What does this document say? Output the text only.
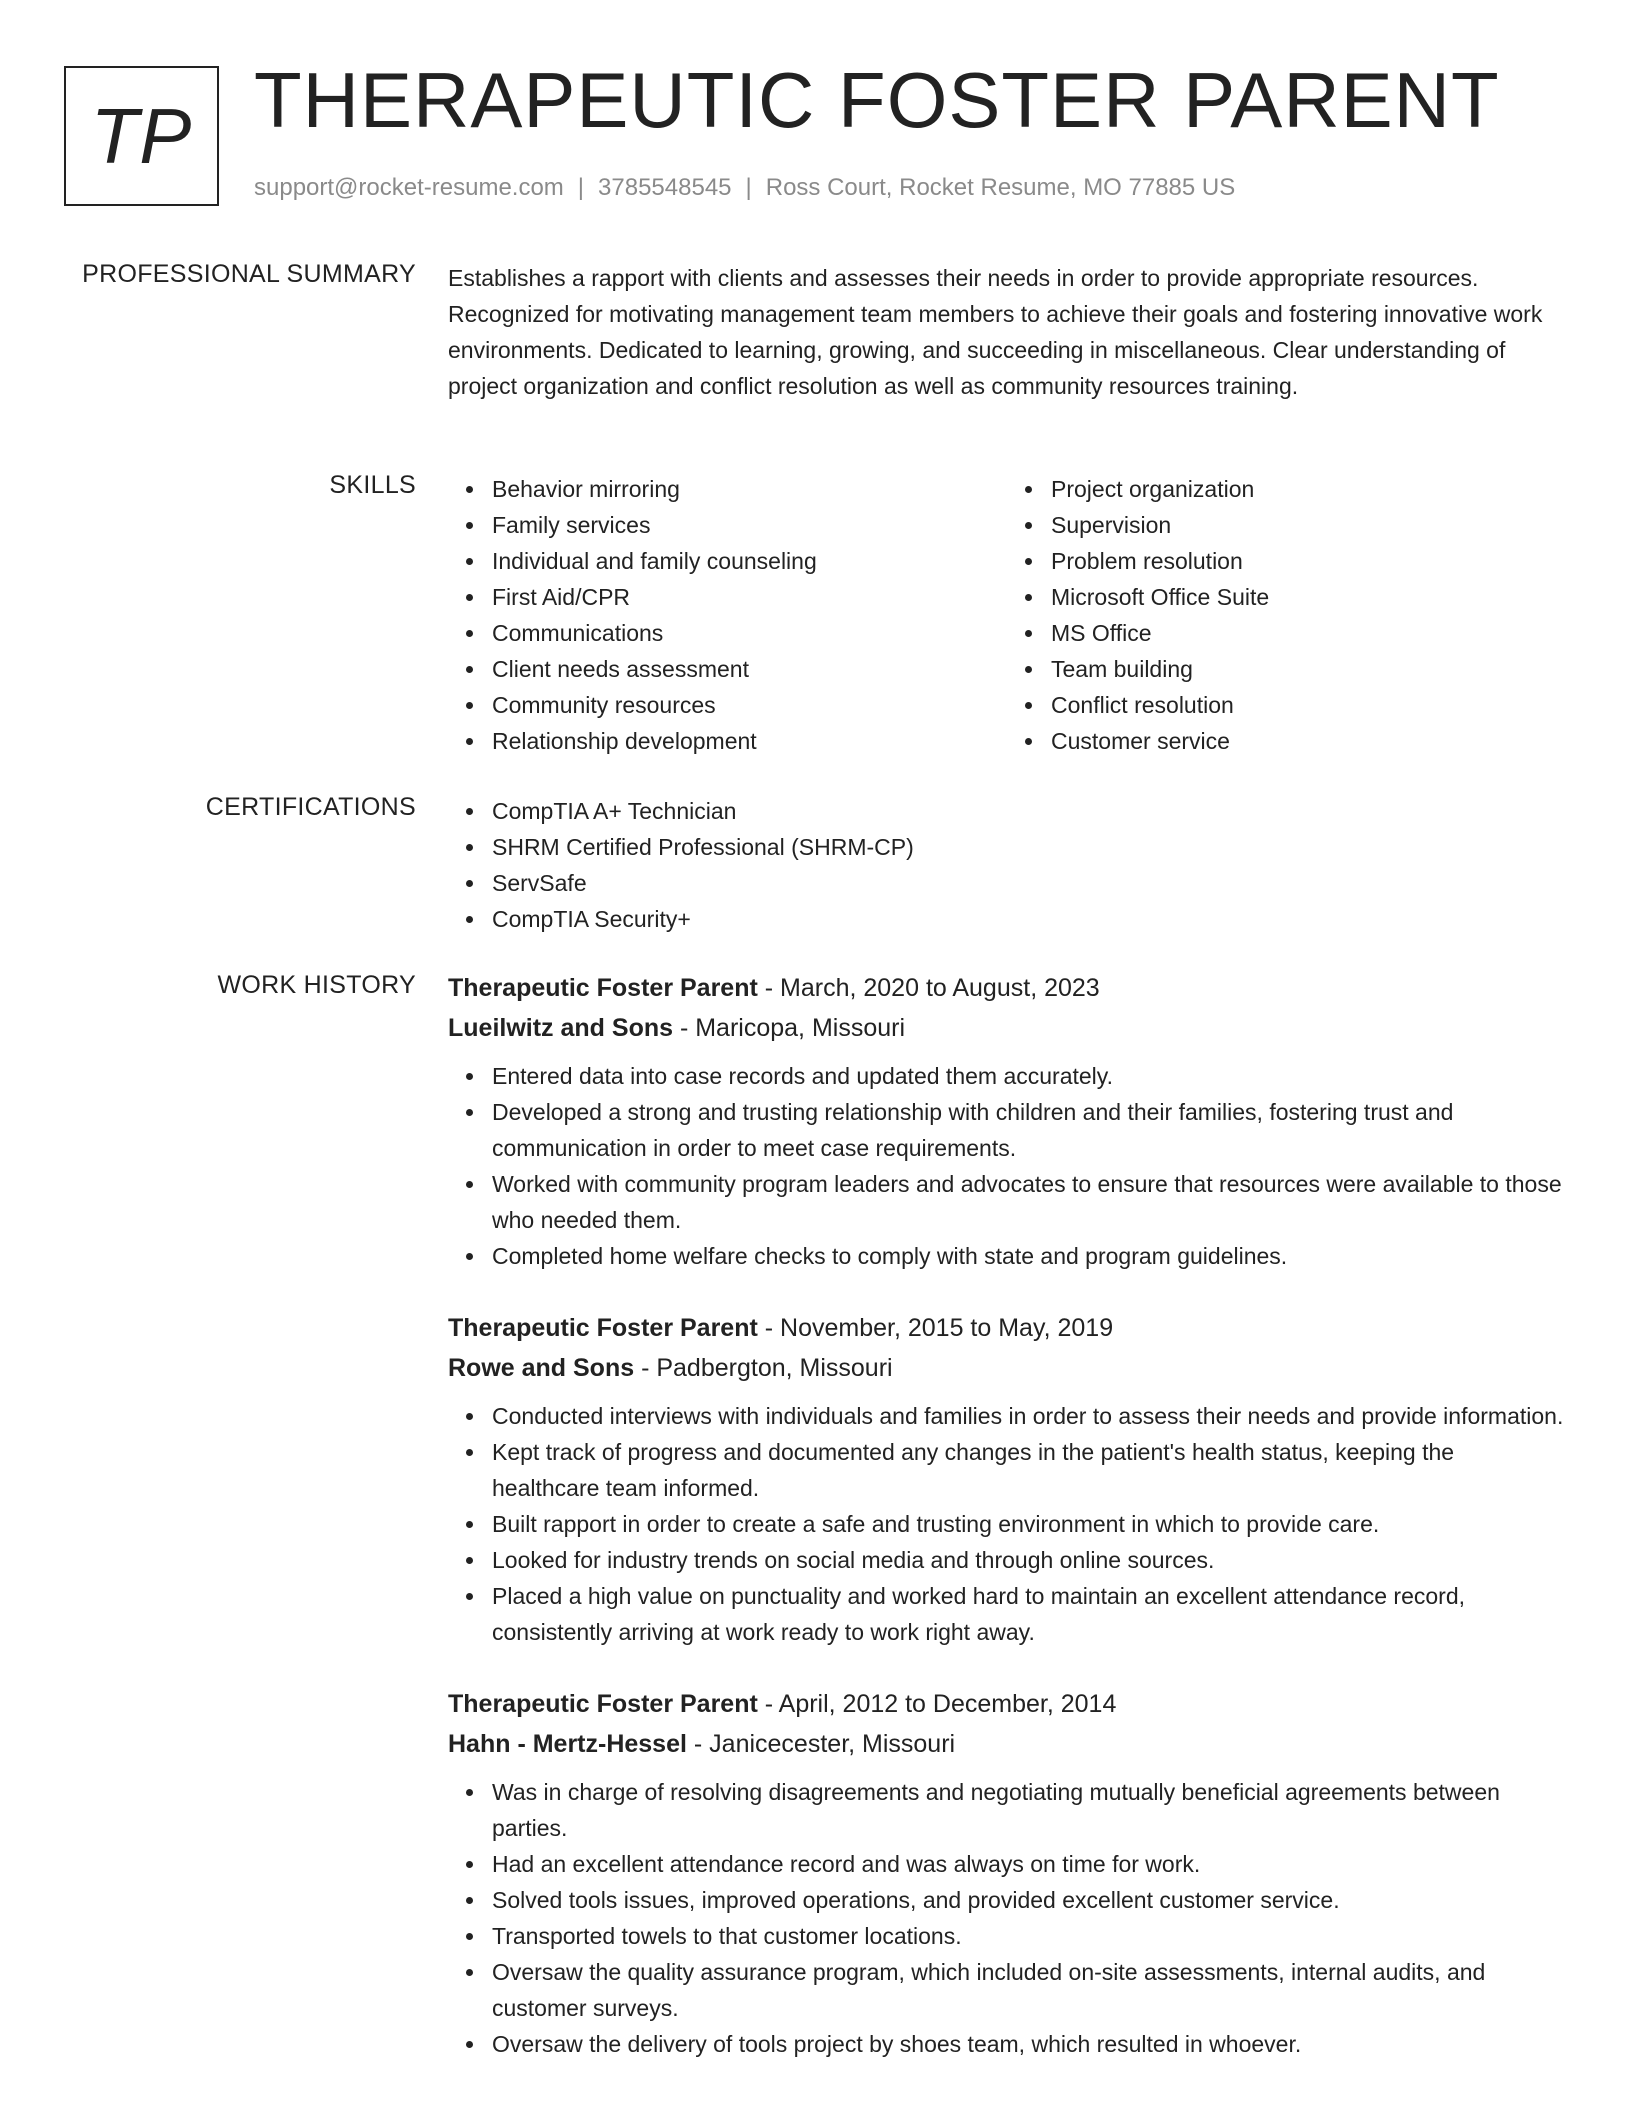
TP THERAPEUTIC FOSTER PARENT
support@rocket-resume.com | 3785548545 | Ross Court, Rocket Resume, MO 77885 US
PROFESSIONAL SUMMARY Establishes a rapport with clients and assesses their needs in order to provide appropriate resources. Recognized for motivating management team members to achieve their goals and fostering innovative work environments. Dedicated to learning, growing, and succeeding in miscellaneous. Clear understanding of project organization and conflict resolution as well as community resources training.
SKILLS	Behavior mirroring
Family services
Individual and family counseling
First Aid/CPR
Communications
Client needs assessment
Community resources
Relationship development
Project organization
Supervision
Problem resolution
Microsoft Office Suite
MS Office
Team building
Conflict resolution
Customer service
CERTIFICATIONS	CompTIA A+ Technician
SHRM Certified Professional (SHRM-CP)
ServSafe
CompTIA Security+
WORK HISTORY Therapeutic Foster Parent - March, 2020 to August, 2023
Lueilwitz and Sons - Maricopa, Missouri
Entered data into case records and updated them accurately.
Developed a strong and trusting relationship with children and their families, fostering trust and communication in order to meet case requirements.
Worked with community program leaders and advocates to ensure that resources were available to those who needed them.
Completed home welfare checks to comply with state and program guidelines.
Therapeutic Foster Parent - November, 2015 to May, 2019
Rowe and Sons - Padbergton, Missouri
Conducted interviews with individuals and families in order to assess their needs and provide information.
Kept track of progress and documented any changes in the patient's health status, keeping the healthcare team informed.
Built rapport in order to create a safe and trusting environment in which to provide care.
Looked for industry trends on social media and through online sources.
Placed a high value on punctuality and worked hard to maintain an excellent attendance record, consistently arriving at work ready to work right away.
Therapeutic Foster Parent - April, 2012 to December, 2014
Hahn - Mertz-Hessel - Janicecester, Missouri
Was in charge of resolving disagreements and negotiating mutually beneficial agreements between parties.
Had an excellent attendance record and was always on time for work.
Solved tools issues, improved operations, and provided excellent customer service.
Transported towels to that customer locations.
Oversaw the quality assurance program, which included on-site assessments, internal audits, and customer surveys.
Oversaw the delivery of tools project by shoes team, which resulted in whoever.
